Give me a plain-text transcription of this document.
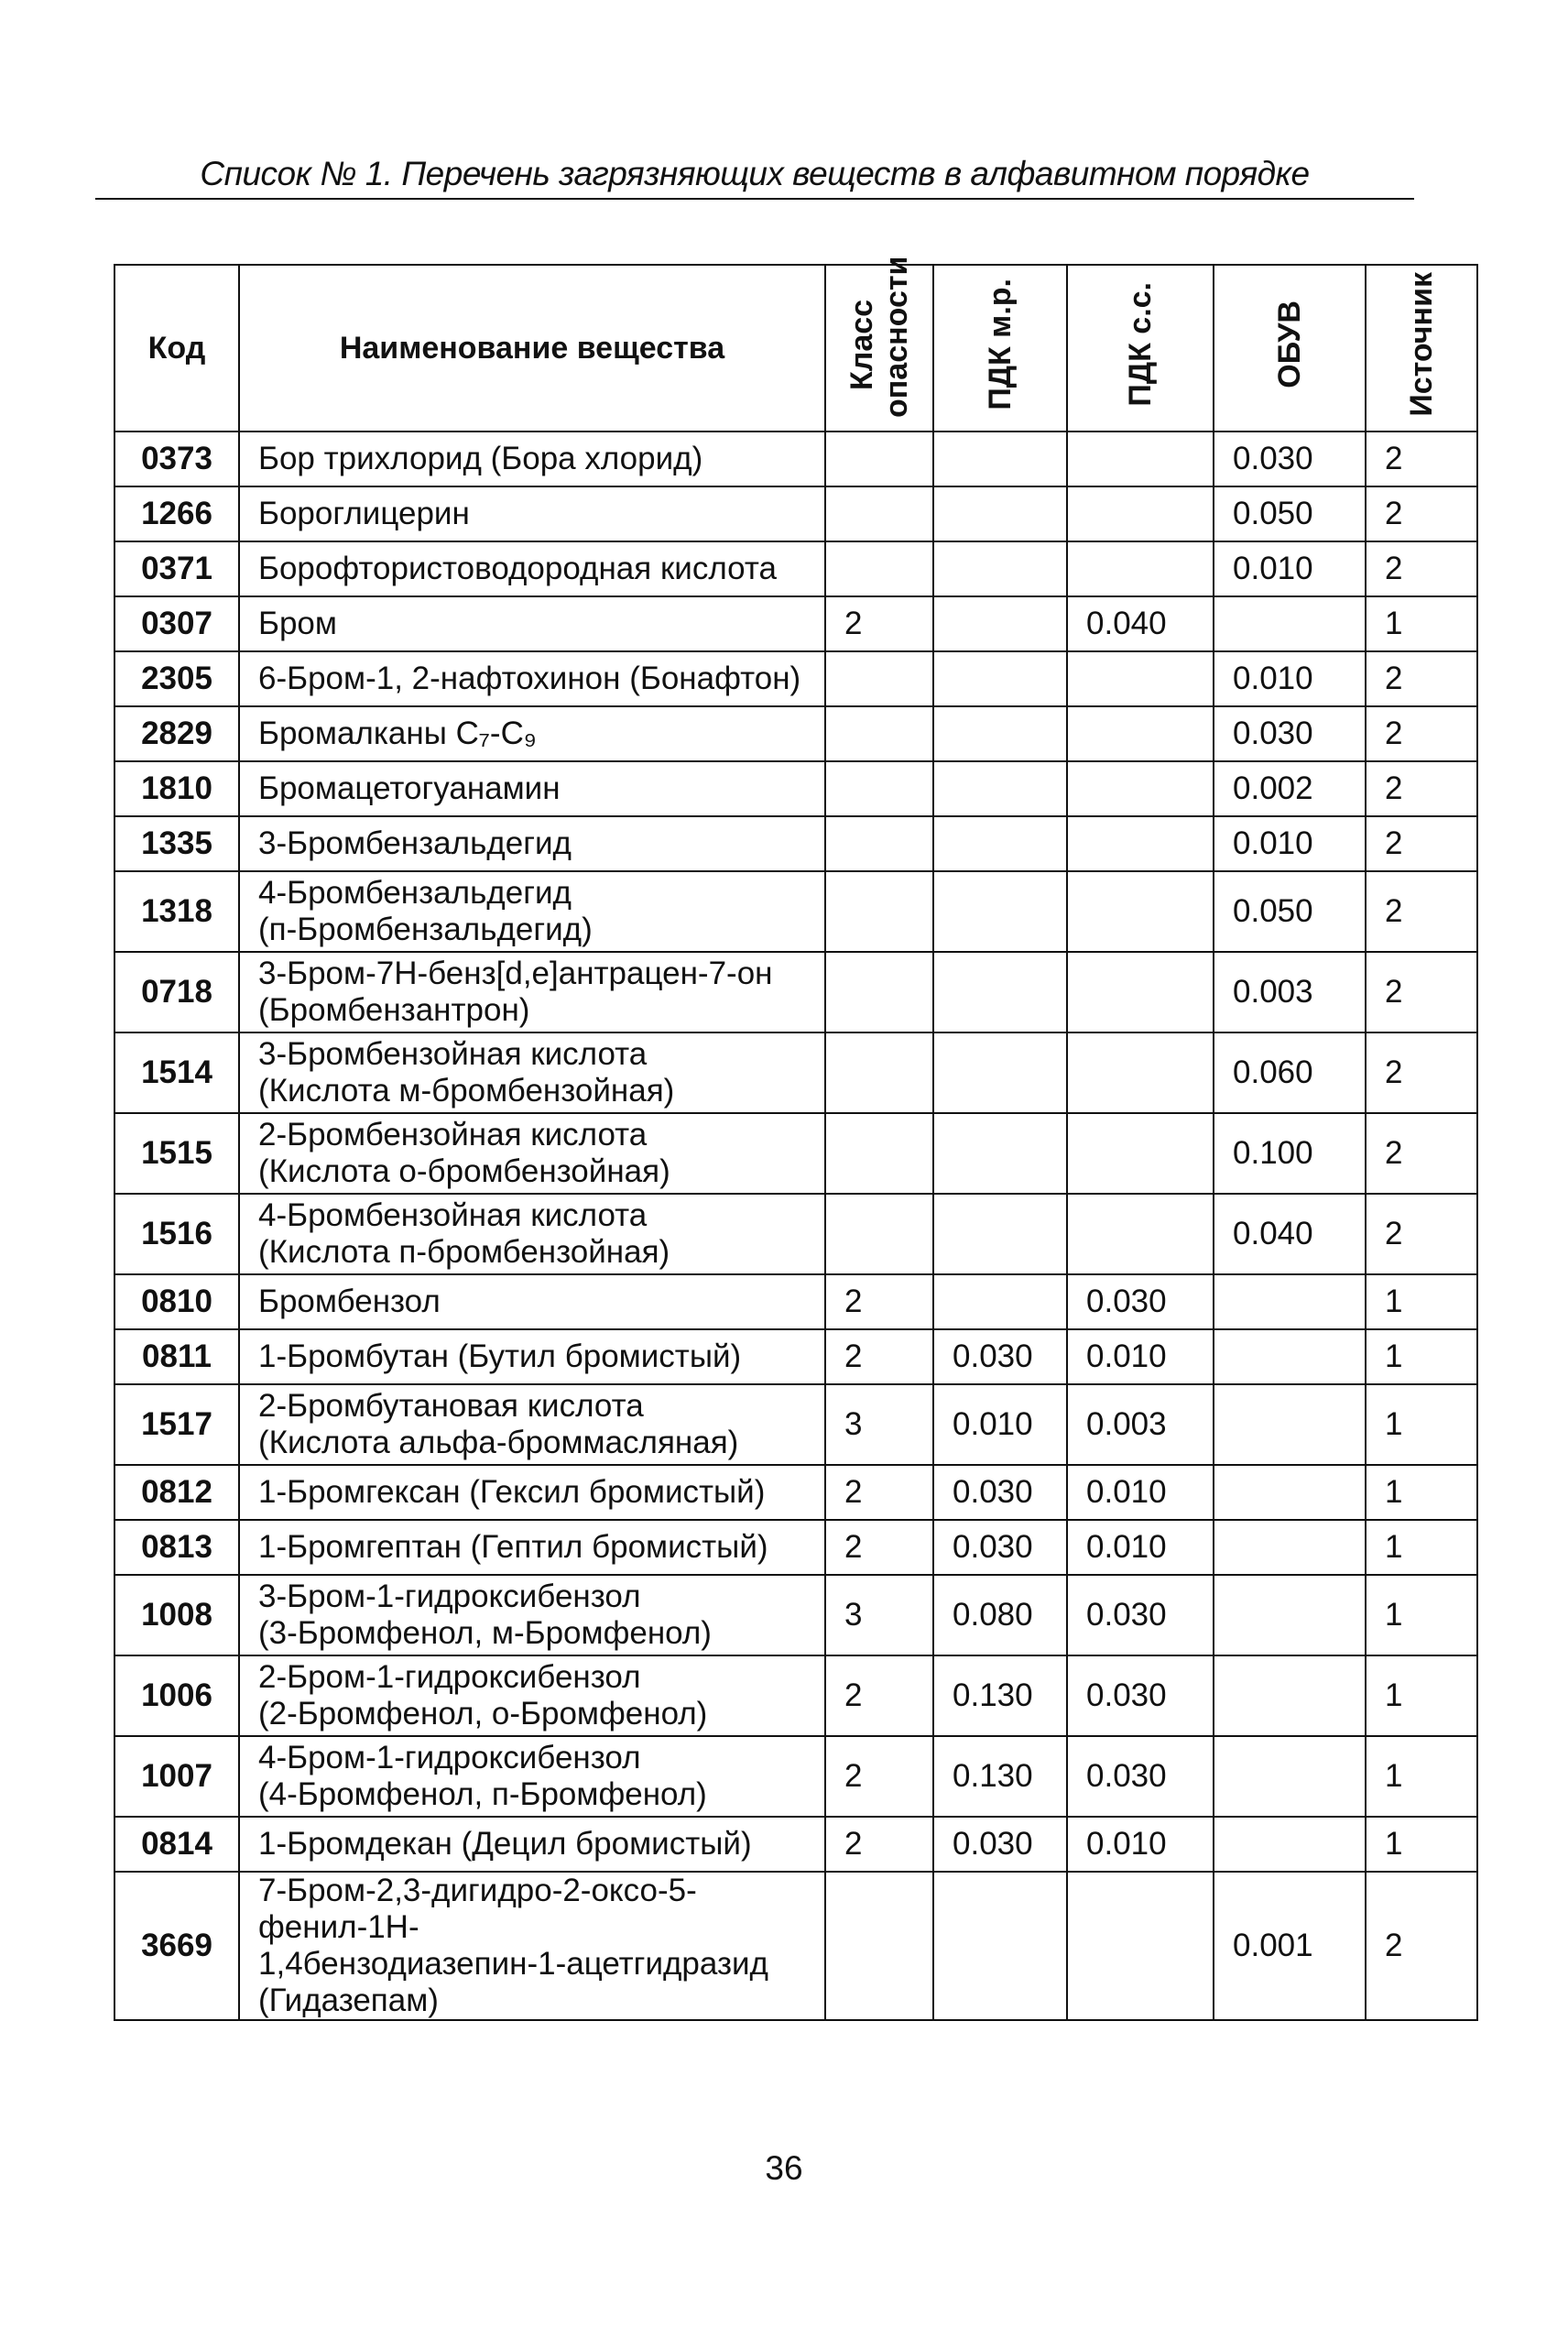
Список № 1. Перечень загрязняющих веществ в алфавитном порядке
Код	Наименование вещества	Класс опасности	ПДК м.р.	ПДК с.с.	ОБУВ	Источник
0373	Бор трихлорид (Бора хлорид)				0.030	2
1266	Бороглицерин				0.050	2
0371	Борофтористоводородная кислота				0.010	2
0307	Бром	2		0.040		1
2305	6-Бром-1, 2-нафтохинон (Бонафтон)				0.010	2
2829	Бромалканы C₇-C₉				0.030	2
1810	Бромацетогуанамин				0.002	2
1335	3-Бромбензальдегид				0.010	2
1318	4-Бромбензальдегид
(п-Бромбензальдегид)				0.050	2
0718	3-Бром-7Н-бенз[d,e]антрацен-7-он
(Бромбензантрон)				0.003	2
1514	3-Бромбензойная кислота
(Кислота м-бромбензойная)				0.060	2
1515	2-Бромбензойная кислота
(Кислота о-бромбензойная)				0.100	2
1516	4-Бромбензойная кислота
(Кислота п-бромбензойная)				0.040	2
0810	Бромбензол	2		0.030		1
0811	1-Бромбутан (Бутил бромистый)	2	0.030	0.010		1
1517	2-Бромбутановая кислота
(Кислота альфа-броммасляная)	3	0.010	0.003		1
0812	1-Бромгексан (Гексил бромистый)	2	0.030	0.010		1
0813	1-Бромгептан (Гептил бромистый)	2	0.030	0.010		1
1008	3-Бром-1-гидроксибензол
(3-Бромфенол, м-Бромфенол)	3	0.080	0.030		1
1006	2-Бром-1-гидроксибензол
(2-Бромфенол, о-Бромфенол)	2	0.130	0.030		1
1007	4-Бром-1-гидроксибензол
(4-Бромфенол, п-Бромфенол)	2	0.130	0.030		1
0814	1-Бромдекан (Децил бромистый)	2	0.030	0.010		1
3669	7-Бром-2,3-дигидро-2-оксо-5-фенил-1Н-
1,4бензодиазепин-1-ацетгидразид
(Гидазепам)				0.001	2
36
